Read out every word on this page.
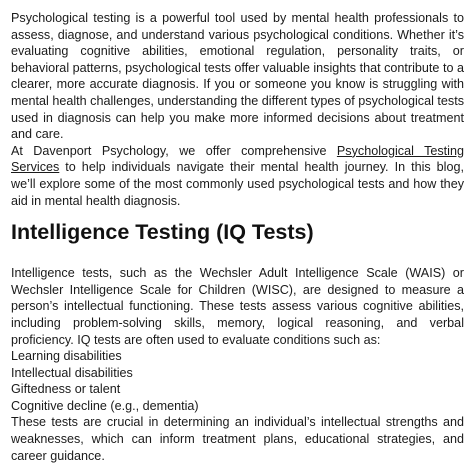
Psychological testing is a powerful tool used by mental health professionals to assess, diagnose, and understand various psychological conditions. Whether it’s evaluating cognitive abilities, emotional regulation, personality traits, or behavioral patterns, psychological tests offer valuable insights that contribute to a clearer, more accurate diagnosis. If you or someone you know is struggling with mental health challenges, understanding the different types of psychological tests used in diagnosis can help you make more informed decisions about treatment and care.

At Davenport Psychology, we offer comprehensive Psychological Testing Services to help individuals navigate their mental health journey. In this blog, we’ll explore some of the most commonly used psychological tests and how they aid in mental health diagnosis.

Intelligence Testing (IQ Tests)

Intelligence tests, such as the Wechsler Adult Intelligence Scale (WAIS) or Wechsler Intelligence Scale for Children (WISC), are designed to measure a person’s intellectual functioning. These tests assess various cognitive abilities, including problem-solving skills, memory, logical reasoning, and verbal proficiency. IQ tests are often used to evaluate conditions such as:

Learning disabilities

Intellectual disabilities

Giftedness or talent

Cognitive decline (e.g., dementia)

These tests are crucial in determining an individual’s intellectual strengths and weaknesses, which can inform treatment plans, educational strategies, and career guidance.
